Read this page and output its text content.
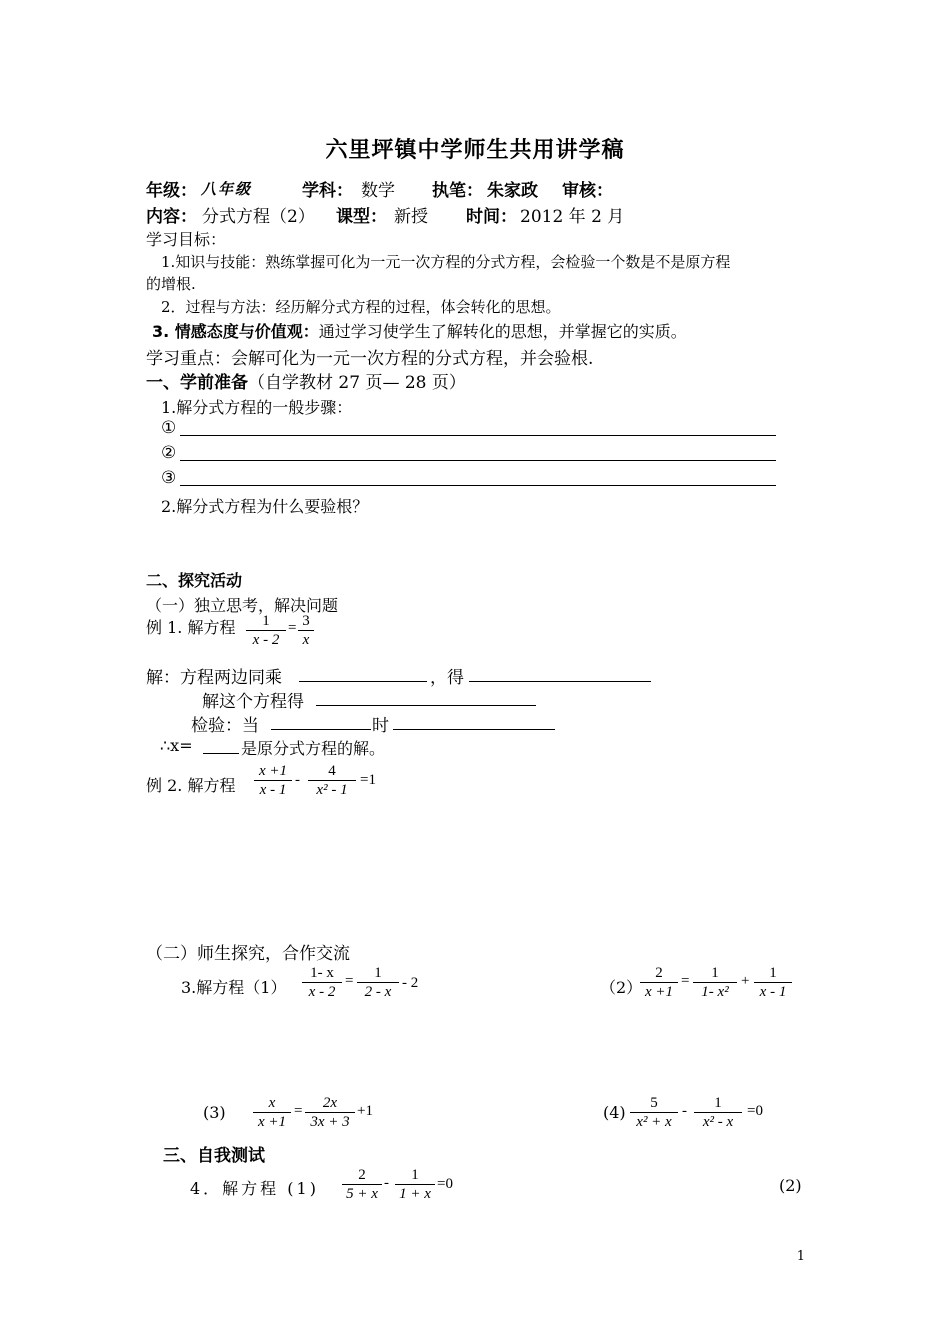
六里坪镇中学师生共用讲学稿
年级： 八年级	学科： 数学 执笔： 朱家政 审核：
内容： 分式方程（2） 课型： 新授 时间： 2012 年 2 月
学习目标：
1.知识与技能：熟练掌握可化为一元一次方程的分式方程，会检验一个数是不是原方程
的增根.
2．过程与方法：经历解分式方程的过程，体会转化的思想。
3. 情感态度与价值观：通过学习使学生了解转化的思想，并掌握它的实质。
学习重点：会解可化为一元一次方程的分式方程，并会验根.
一、学前准备（自学教材 27 页— 28 页）
1.解分式方程的一般步骤：
①
②
③
2.解分式方程为什么要验根？
二、探究活动
（一）独立思考，解决问题
例 1. 解方程 $\frac{1}{x - 2} = \frac{3}{x}$
解：方程两边同乘	，得
解这个方程得
检验：当	时
∴x=	是原分式方程的解。
例 2. 解方程 $\frac{x +1}{x - 1} - \frac{4}{\text{x² - 1}} =1$
（二）师生探究，合作交流
3.解方程$(1) \frac{1- x}{x - 2} = \frac{1}{2 - x} - 2$	（2）
$\frac{2}{x +1} = \frac{1}{\text{1- x²}} + \frac{1}{x - 1}$
$(3) \frac{x}{x +1} = \frac{2x}{3x + 3} +1$	$(4) \frac{5}{\text{x² + x}} - \frac{1}{\text{x² - x}} =0$
三、自我测试
4．解方程 $(1) \frac{2}{5 + x} - \frac{1}{1 + x} =0$	(2)
1
